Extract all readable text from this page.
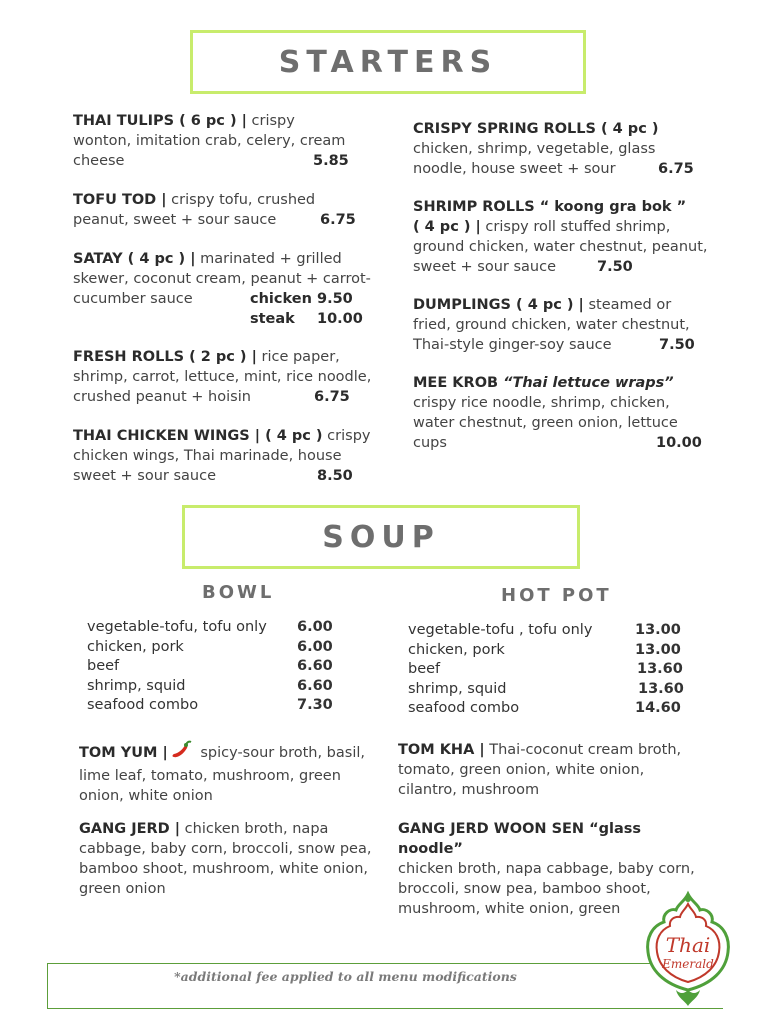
STARTERS
THAI TULIPS ( 6 pc ) | crispy
wonton, imitation crab, celery, cream
cheese	5.85
TOFU TOD | crispy tofu, crushed
peanut, sweet + sour sauce	6.75
SATAY ( 4 pc ) | marinated + grilled
skewer, coconut cream, peanut + carrot-
cucumber sauce	chicken 9.50
steak 10.00
FRESH ROLLS ( 2 pc ) | rice paper,
shrimp, carrot, lettuce, mint, rice noodle,
crushed peanut + hoisin	6.75
THAI CHICKEN WINGS | ( 4 pc ) crispy
chicken wings, Thai marinade, house
sweet + sour sauce	8.50
CRISPY SPRING ROLLS ( 4 pc )
chicken, shrimp, vegetable, glass
noodle, house sweet + sour	6.75
SHRIMP ROLLS “ koong gra bok ”
( 4 pc ) | crispy roll stuffed shrimp,
ground chicken, water chestnut, peanut,
sweet + sour sauce	7.50
DUMPLINGS ( 4 pc ) | steamed or
fried, ground chicken, water chestnut,
Thai-style ginger-soy sauce	7.50
MEE KROB “Thai lettuce wraps”
crispy rice noodle, shrimp, chicken,
water chestnut, green onion, lettuce
cups	10.00
SOUP
BOWL	HOT POT
vegetable-tofu, tofu only 6.00
chicken, pork	6.00
beef	6.60
shrimp, squid	6.60
seafood combo	7.30
vegetable-tofu , tofu only	13.00
chicken, pork	13.00
beef	13.60
shrimp, squid	13.60
seafood combo	14.60
TOM YUM | spicy-sour broth, basil,
lime leaf, tomato, mushroom, green
onion, white onion
TOM KHA | Thai-coconut cream broth,
tomato, green onion, white onion,
cilantro, mushroom
GANG JERD | chicken broth, napa
cabbage, baby corn, broccoli, snow pea,
bamboo shoot, mushroom, white onion,
green onion
GANG JERD WOON SEN “glass noodle”
chicken broth, napa cabbage, baby corn,
broccoli, snow pea, bamboo shoot,
mushroom, white onion, green
*additional fee applied to all menu modifications
Thai
Emerald
